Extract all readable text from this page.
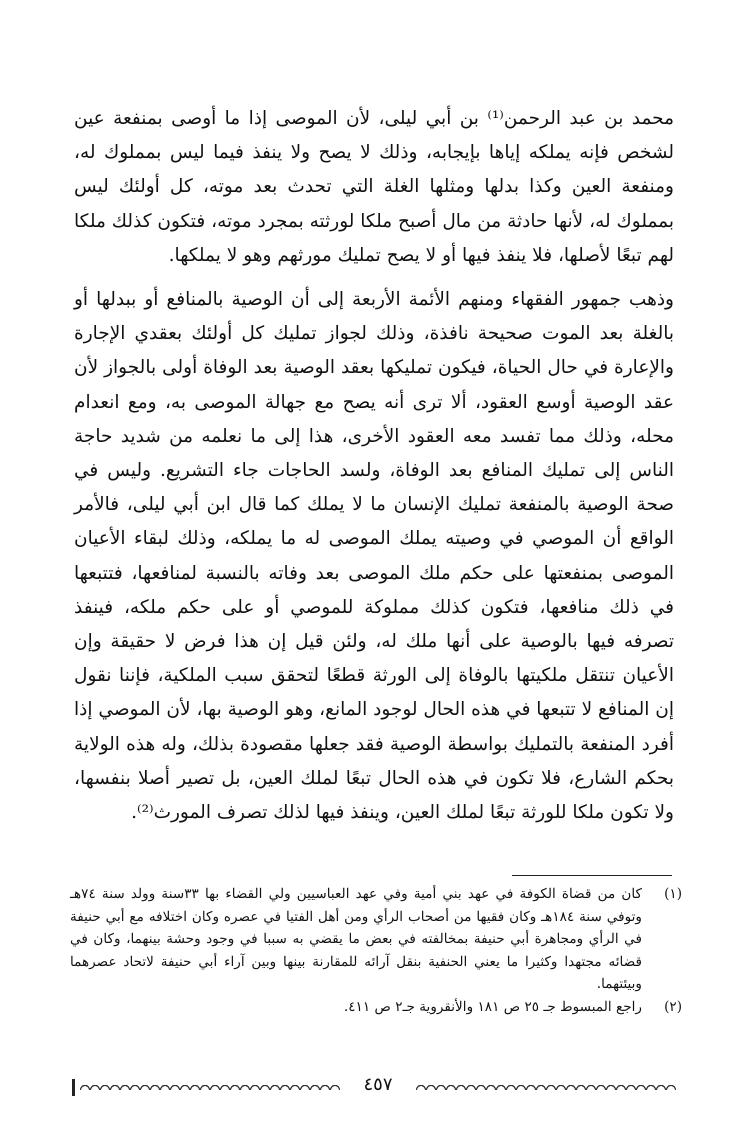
محمد بن عبد الرحمن⁽¹⁾ بن أبي ليلى، لأن الموصى إذا ما أوصى بمنفعة عين لشخص فإنه يملكه إياها بإيجابه، وذلك لا يصح ولا ينفذ فيما ليس بمملوك له، ومنفعة العين وكذا بدلها ومثلها الغلة التي تحدث بعد موته، كل أولئك ليس بمملوك له، لأنها حادثة من مال أصبح ملكا لورثته بمجرد موته، فتكون كذلك ملكا لهم تبعًا لأصلها، فلا ينفذ فيها أو لا يصح تمليك مورثهم وهو لا يملكها.

وذهب جمهور الفقهاء ومنهم الأئمة الأربعة إلى أن الوصية بالمنافع أو ببدلها أو بالغلة بعد الموت صحيحة نافذة، وذلك لجواز تمليك كل أولئك بعقدي الإجارة والإعارة في حال الحياة، فيكون تمليكها بعقد الوصية بعد الوفاة أولى بالجواز لأن عقد الوصية أوسع العقود، ألا ترى أنه يصح مع جهالة الموصى به، ومع انعدام محله، وذلك مما تفسد معه العقود الأخرى، هذا إلى ما نعلمه من شديد حاجة الناس إلى تمليك المنافع بعد الوفاة، ولسد الحاجات جاء التشريع. وليس في صحة الوصية بالمنفعة تمليك الإنسان ما لا يملك كما قال ابن أبي ليلى، فالأمر الواقع أن الموصي في وصيته يملك الموصى له ما يملكه، وذلك لبقاء الأعيان الموصى بمنفعتها على حكم ملك الموصى بعد وفاته بالنسبة لمنافعها، فتتبعها في ذلك منافعها، فتكون كذلك مملوكة للموصي أو على حكم ملكه، فينفذ تصرفه فيها بالوصية على أنها ملك له، ولئن قيل إن هذا فرض لا حقيقة وإن الأعيان تنتقل ملكيتها بالوفاة إلى الورثة قطعًا لتحقق سبب الملكية، فإننا نقول إن المنافع لا تتبعها في هذه الحال لوجود المانع، وهو الوصية بها، لأن الموصي إذا أفرد المنفعة بالتمليك بواسطة الوصية فقد جعلها مقصودة بذلك، وله هذه الولاية بحكم الشارع، فلا تكون في هذه الحال تبعًا لملك العين، بل تصير أصلا بنفسها، ولا تكون ملكا للورثة تبعًا لملك العين، وينفذ فيها لذلك تصرف المورث⁽²⁾.

(١)
كان من قضاة الكوفة في عهد بني أمية وفي عهد العباسيين ولي القضاء بها ٣٣سنة وولد سنة ٧٤هـ وتوفي سنة ١٨٤هـ وكان فقيها من أصحاب الرأي ومن أهل الفتيا في عصره وكان اختلافه مع أبي حنيفة في الرأي ومجاهرة أبي حنيفة بمخالفته في بعض ما يقضي به سببا في وجود وحشة بينهما، وكان في قضائه مجتهدا وكثيرا ما يعني الحنفية بنقل آرائه للمقارنة بينها وبين آراء أبي حنيفة لاتحاد عصرهما وبيئتهما.
(٢)
راجع المبسوط جـ ٢٥ ص ١٨١ والأنقروية جـ٢ ص ٤١١.
٤٥٧
